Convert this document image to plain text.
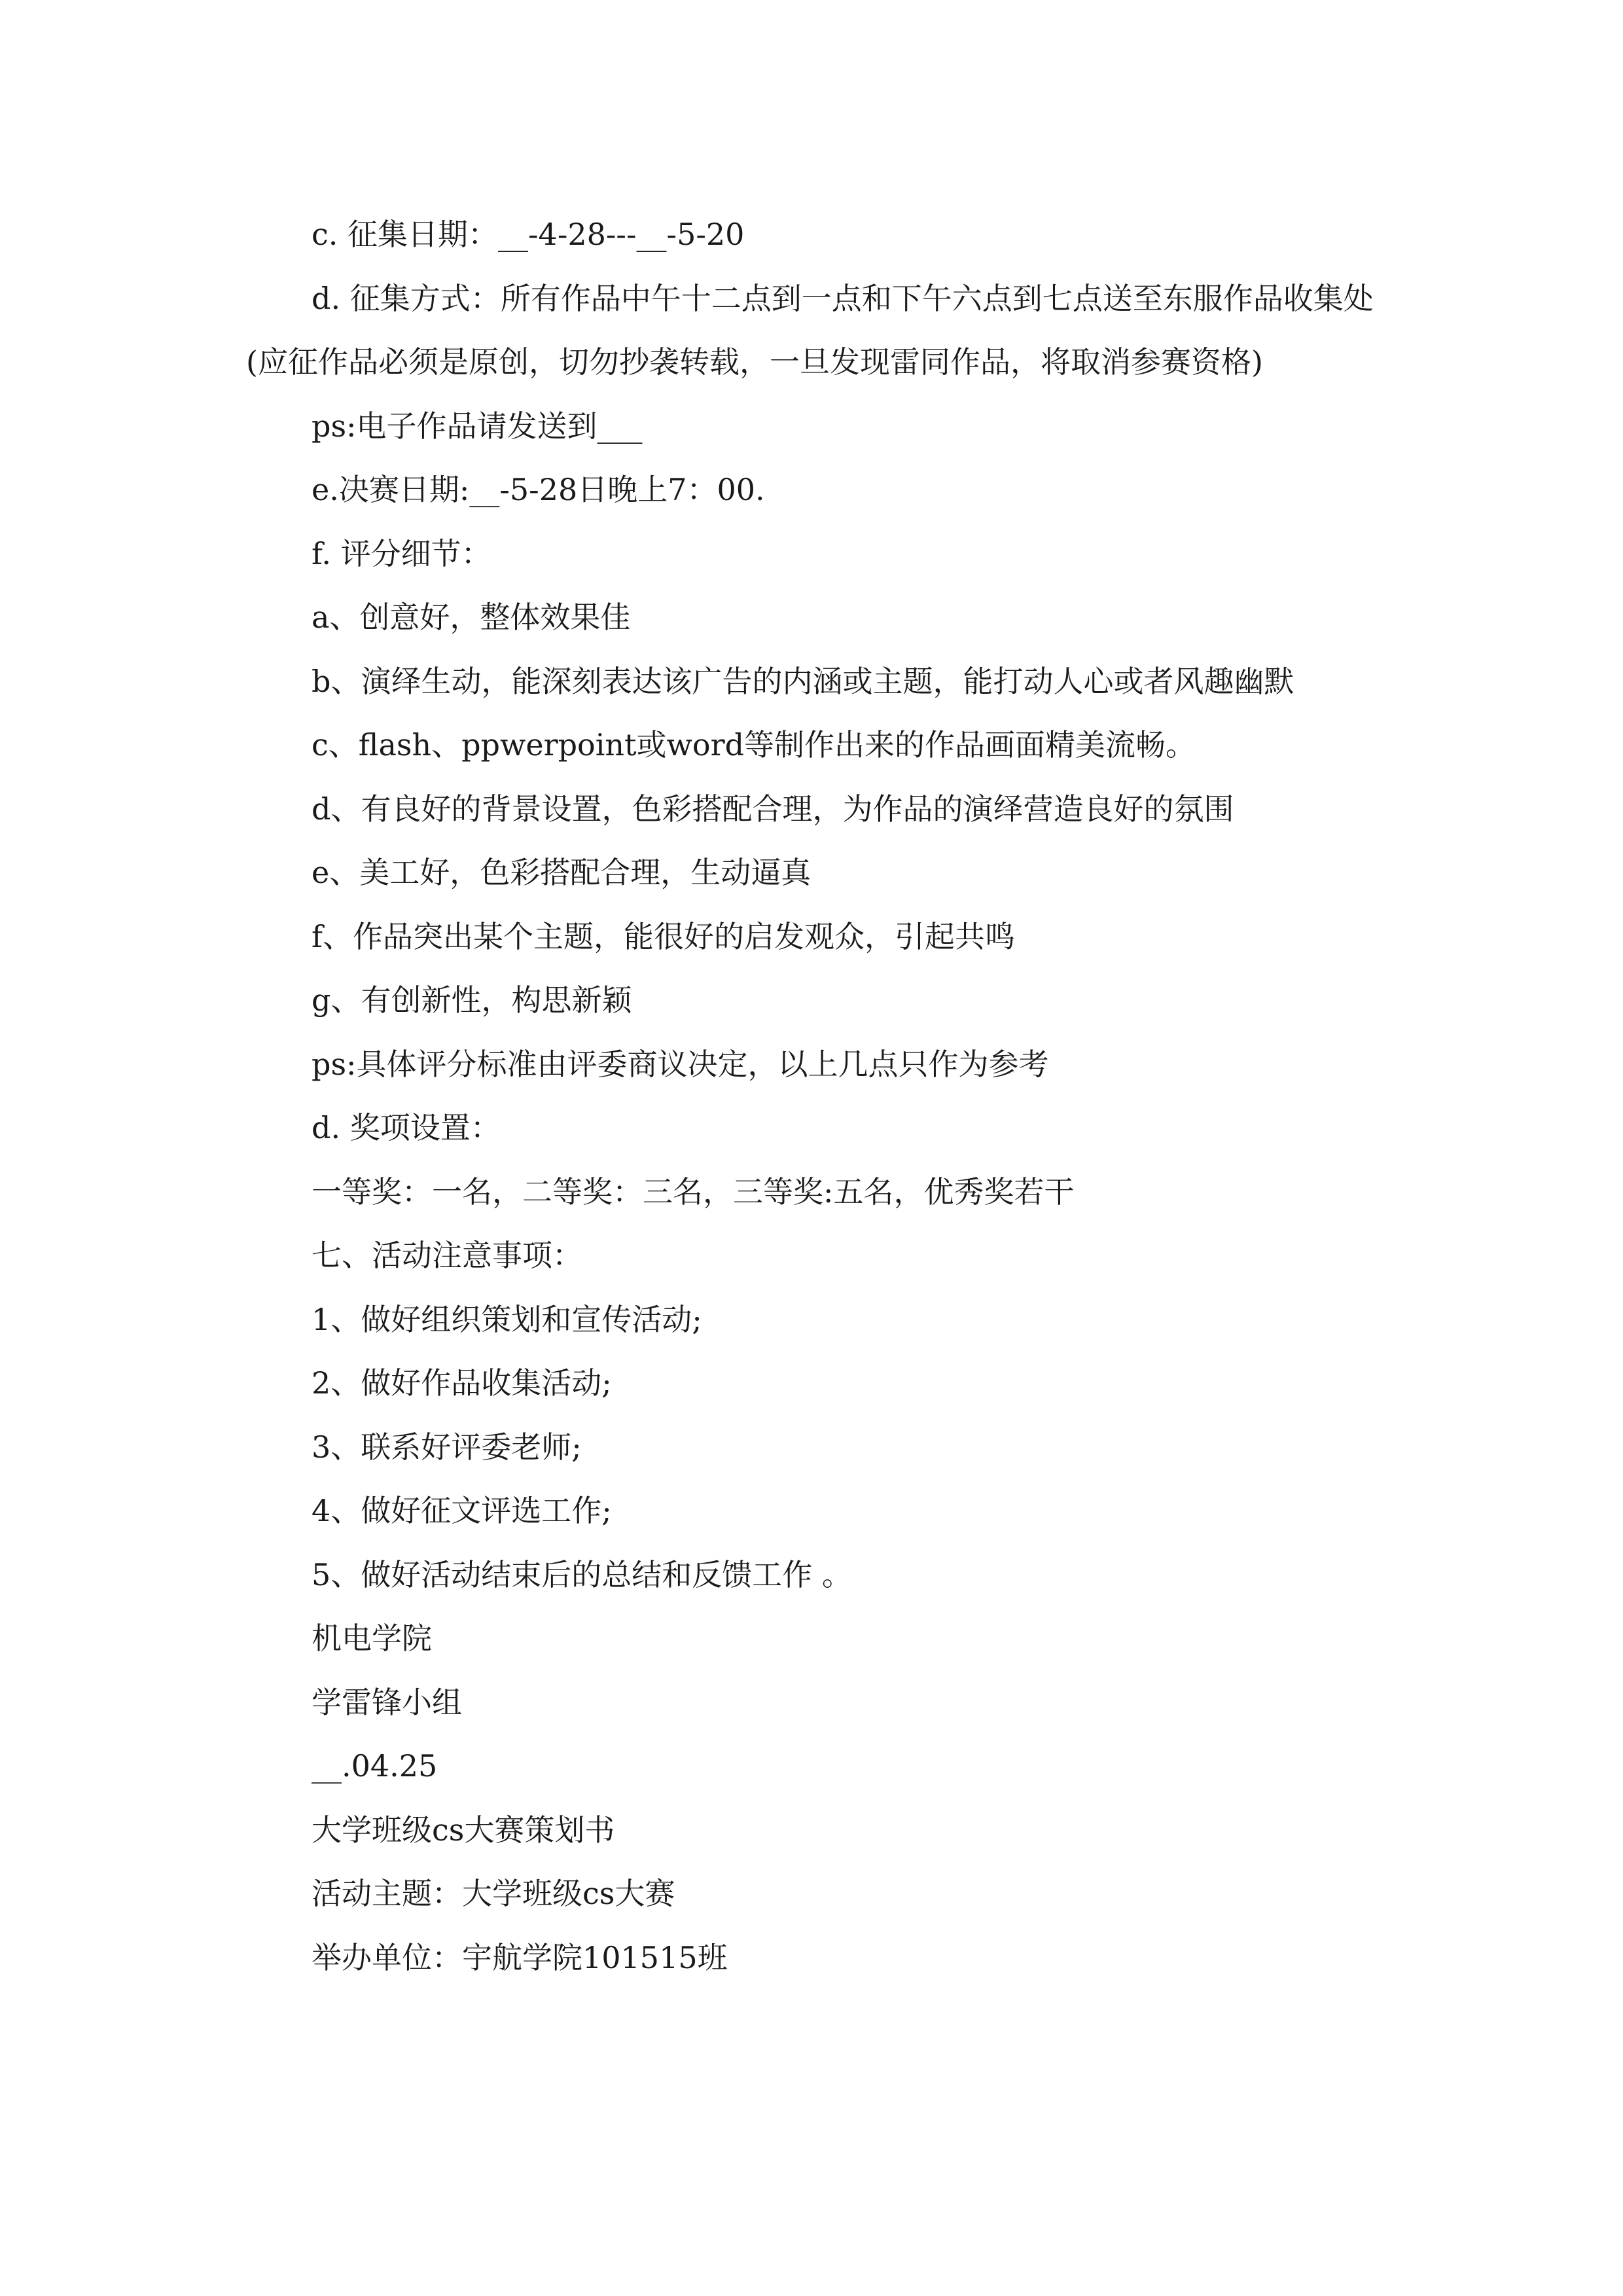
c. 征集日期：__-4-28---__-5-20

d. 征集方式：所有作品中午十二点到一点和下午六点到七点送至东服作品收集处(应征作品必须是原创，切勿抄袭转载，一旦发现雷同作品，将取消参赛资格)

ps:电子作品请发送到___

e.决赛日期:__-5-28日晚上7：00.

f. 评分细节：

a、创意好，整体效果佳

b、演绎生动，能深刻表达该广告的内涵或主题，能打动人心或者风趣幽默

c、flash、ppwerpoint或word等制作出来的作品画面精美流畅。

d、有良好的背景设置，色彩搭配合理，为作品的演绎营造良好的氛围

e、美工好，色彩搭配合理，生动逼真

f、作品突出某个主题，能很好的启发观众，引起共鸣

g、有创新性，构思新颖

ps:具体评分标准由评委商议决定，以上几点只作为参考

d. 奖项设置：

一等奖：一名，二等奖：三名，三等奖:五名，优秀奖若干

七、活动注意事项：

1、做好组织策划和宣传活动;

2、做好作品收集活动;

3、联系好评委老师;

4、做好征文评选工作;

5、做好活动结束后的总结和反馈工作 。

机电学院

学雷锋小组

__.04.25

大学班级cs大赛策划书

活动主题：大学班级cs大赛

举办单位：宇航学院101515班
